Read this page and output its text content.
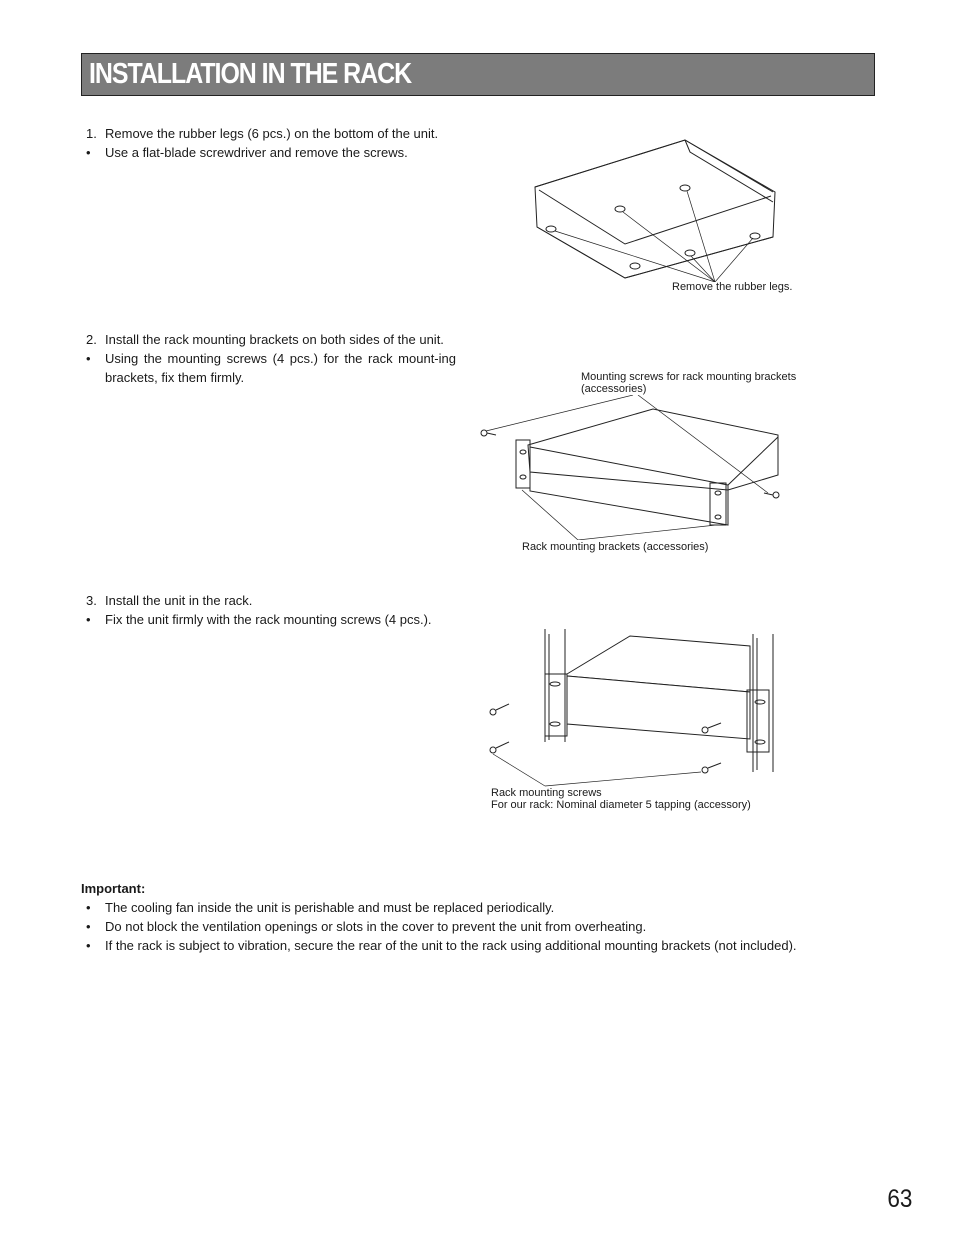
INSTALLATION IN THE RACK
1. Remove the rubber legs (6 pcs.) on the bottom of the unit.
•	Use a flat-blade screwdriver and remove the screws.
2. Install the rack mounting brackets on both sides of the unit.
•	Using the mounting screws (4 pcs.) for the rack mount-ing brackets, fix them firmly.
3. Install the unit in the rack.
•	Fix the unit firmly with the rack mounting screws (4 pcs.).
Remove the rubber legs.
Mounting screws for rack mounting brackets
(accessories)
Rack mounting brackets (accessories)
Rack mounting screws
For our rack: Nominal diameter 5 tapping (accessory)
Important:
•	The cooling fan inside the unit is perishable and must be replaced periodically.
•	Do not block the ventilation openings or slots in the cover to prevent the unit from overheating.
•	If the rack is subject to vibration, secure the rear of the unit to the rack using additional mounting brackets (not included).
63
